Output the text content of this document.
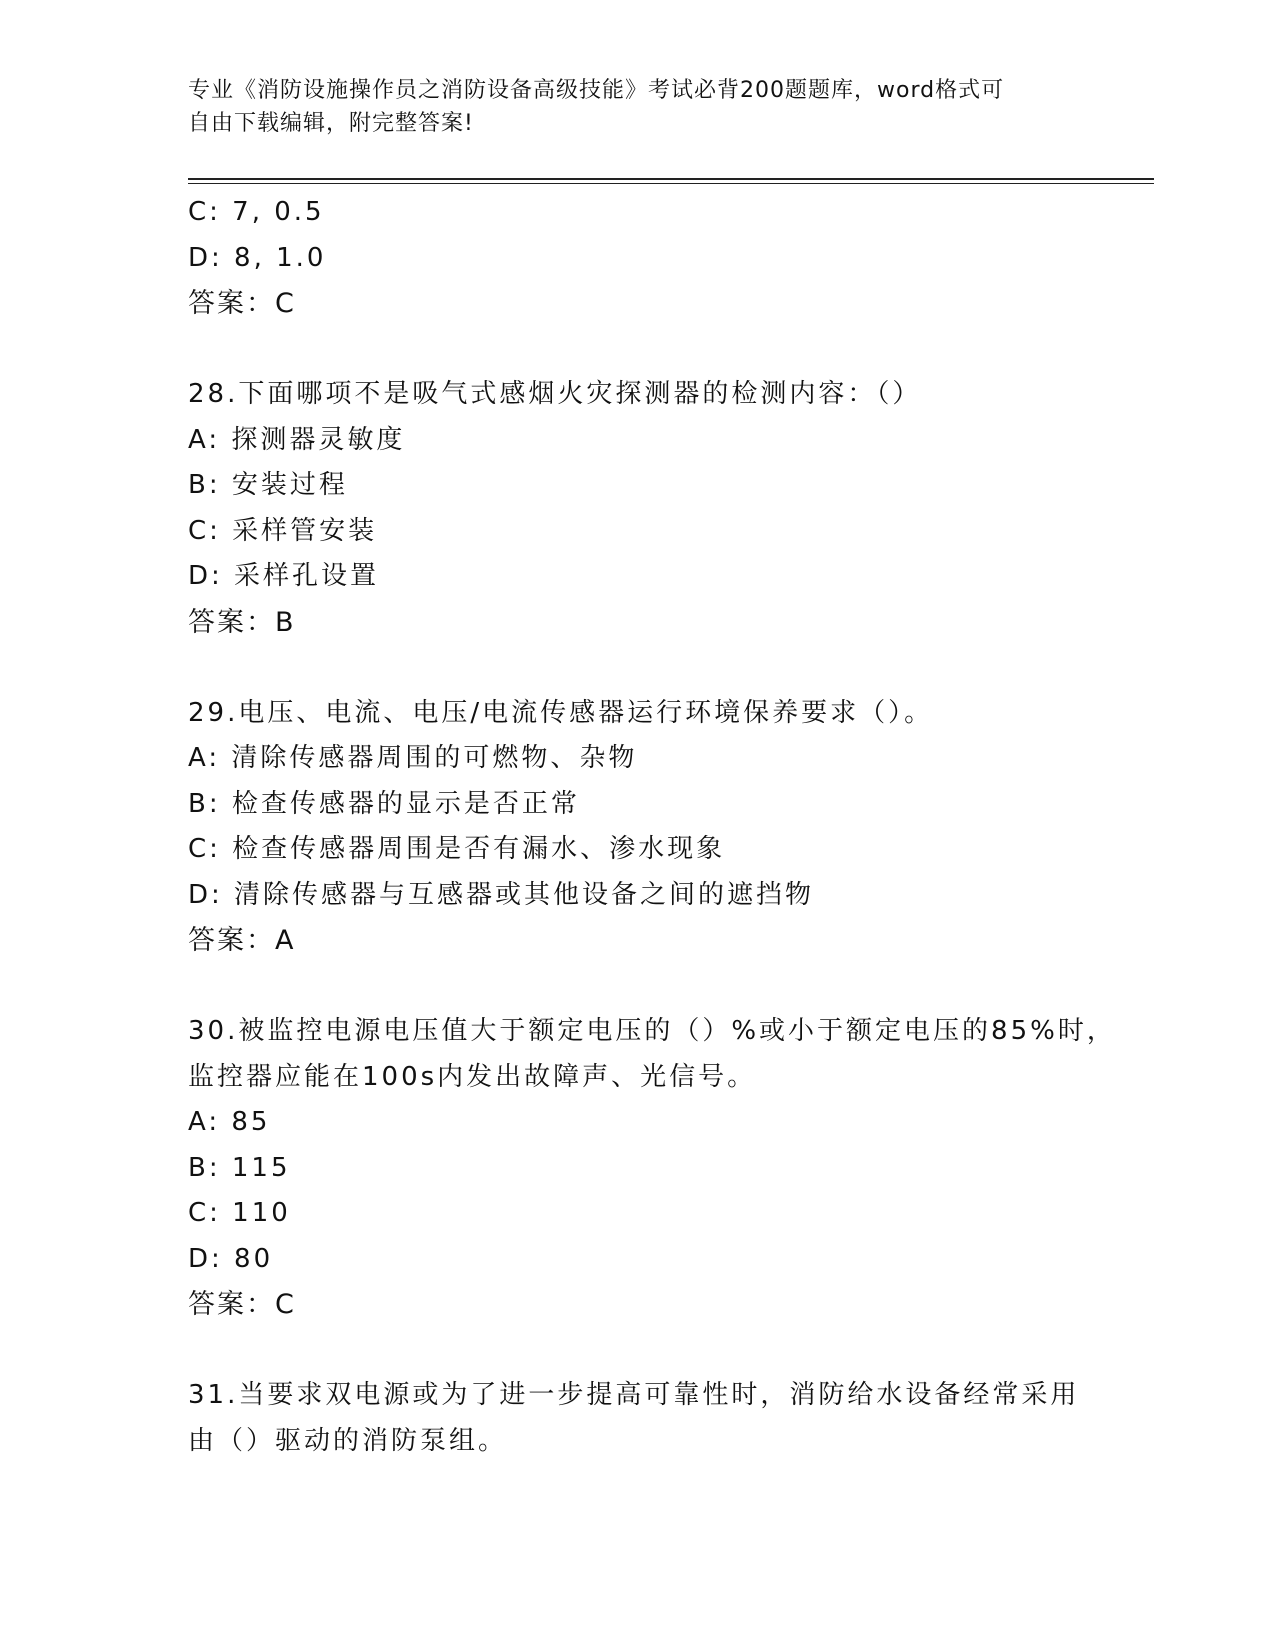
专业《消防设施操作员之消防设备高级技能》考试必背200题题库，word格式可
自由下载编辑，附完整答案!
C: 7, 0.5
D: 8, 1.0
答案：C
28.下面哪项不是吸气式感烟火灾探测器的检测内容：（）
A: 探测器灵敏度
B: 安装过程
C: 采样管安装
D: 采样孔设置
答案：B
29.电压、电流、电压/电流传感器运行环境保养要求（）。
A: 清除传感器周围的可燃物、杂物
B: 检查传感器的显示是否正常
C: 检查传感器周围是否有漏水、渗水现象
D: 清除传感器与互感器或其他设备之间的遮挡物
答案：A
30.被监控电源电压值大于额定电压的（）%或小于额定电压的85%时，
监控器应能在100s内发出故障声、光信号。
A: 85
B: 115
C: 110
D: 80
答案：C
31.当要求双电源或为了进一步提高可靠性时，消防给水设备经常采用
由（）驱动的消防泵组。
